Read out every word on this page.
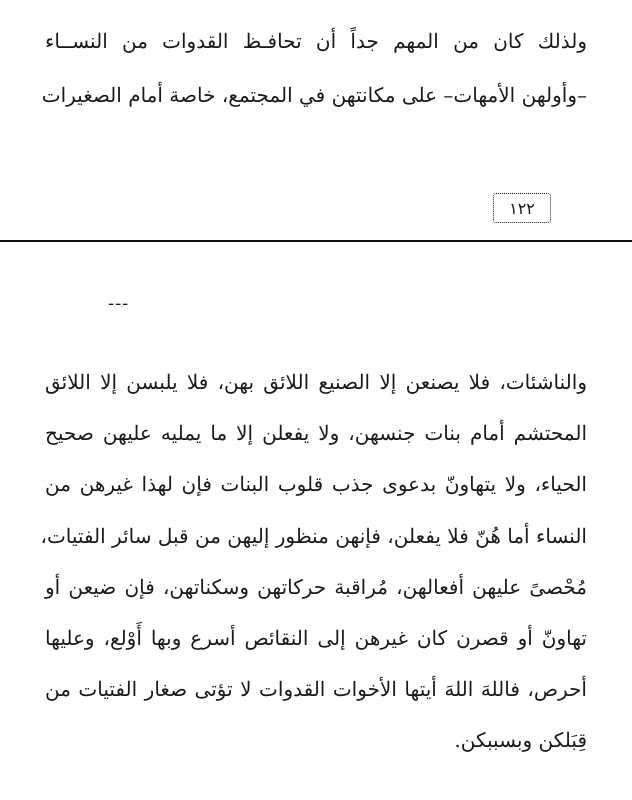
ولذلك كان من المهم جداً أن تحافـظ القدوات من النســاء

–وأولهن الأمهات– على مكانتهن في المجتمع، خاصة أمام الصغيرات

١٢٢
---

والناشئات، فلا يصنعن إلا الصنيع اللائق بهن، فلا يلبسن إلا اللائق

المحتشم أمام بنات جنسهن، ولا يفعلن إلا ما يمليه عليهن صحيح

الحياء، ولا يتهاونّ بدعوى جذب قلوب البنات فإن لهذا غيرهن من

النساء أما هُنّ فلا يفعلن، فإنهن منظور إليهن من قبل سائر الفتيات،

مُحْصىً عليهن أفعالهن، مُراقبة حركاتهن وسكناتهن، فإن ضيعن أو

تهاونّ أو قصرن كان غيرهن إلى النقائص أسرع وبها أَوْلع، وعليها

أحرص، فاللهَ اللهَ أيتها الأخوات القدوات لا تؤتى صغار الفتيات من

قِبَلكن وبسببكن.
